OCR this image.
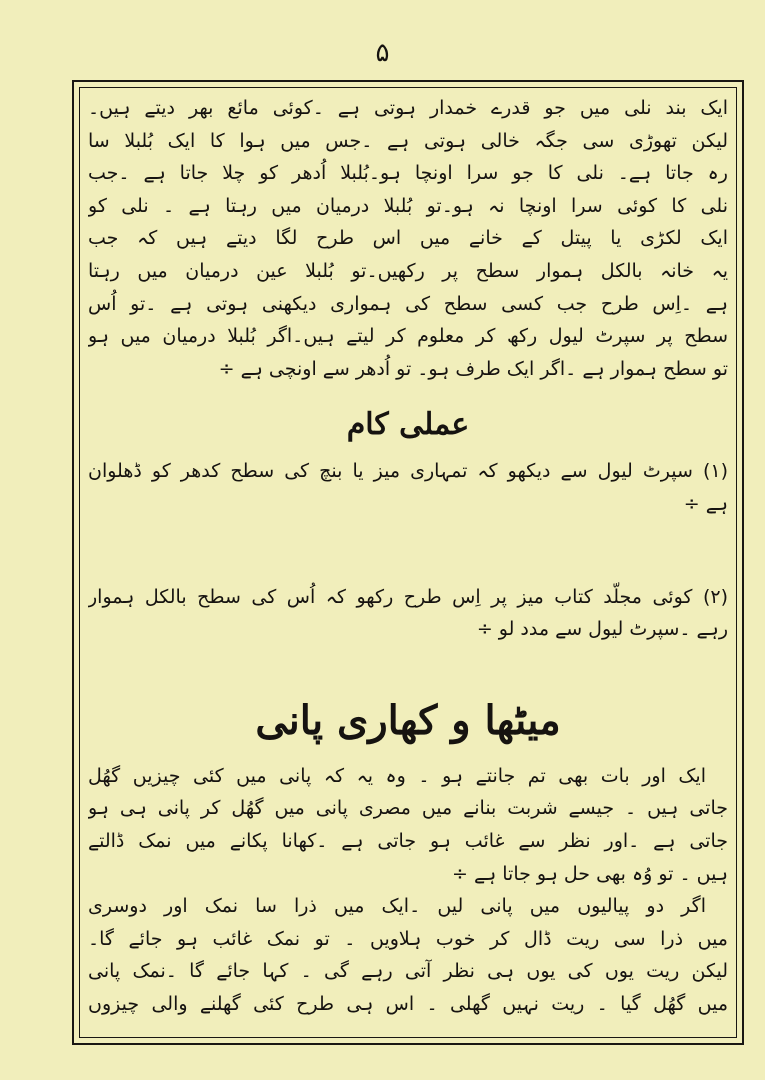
۵
ایک بند نلی میں جو قدرے خمدار ہوتی ہے ۔کوئی مائع بھر دیتے ہیں۔
لیکن تھوڑی سی جگہ خالی ہوتی ہے ۔جس میں ہوا کا ایک بُلبلا سا
رہ جاتا ہے۔ نلی کا جو سرا اونچا ہو۔بُلبلا اُدھر کو چلا جاتا ہے ۔جب
نلی کا کوئی سرا اونچا نہ ہو۔تو بُلبلا درمیان میں رہتا ہے ۔ نلی کو
ایک لکڑی یا پیتل کے خانے میں اس طرح لگا دیتے ہیں کہ جب
یہ خانہ بالکل ہموار سطح پر رکھیں۔تو بُلبلا عین درمیان میں رہتا
ہے ۔اِس طرح جب کسی سطح کی ہمواری دیکھنی ہوتی ہے ۔تو اُس
سطح پر سپرٹ لیول رکھ کر معلوم کر لیتے ہیں۔اگر بُلبلا درمیان میں ہو
تو سطح ہموار ہے ۔اگر ایک طرف ہو۔ تو اُدھر سے اونچی ہے ÷
عملی کام
(۱) سپرٹ لیول سے دیکھو کہ تمہاری میز یا بنچ کی سطح کدھر کو ڈھلوان
ہے ÷
(۲) کوئی مجلّد کتاب میز پر اِس طرح رکھو کہ اُس کی سطح بالکل ہموار
رہے ۔سپرٹ لیول سے مدد لو ÷
میٹھا و کھاری پانی
ایک اور بات بھی تم جانتے ہو ۔ وہ یہ کہ پانی میں کئی چیزیں گھُل
جاتی ہیں ۔ جیسے شربت بنانے میں مصری پانی میں گھُل کر پانی ہی ہو
جاتی ہے ۔اور نظر سے غائب ہو جاتی ہے ۔کھانا پکانے میں نمک ڈالتے
ہیں ۔ تو وُہ بھی حل ہو جاتا ہے ÷
اگر دو پیالیوں میں پانی لیں ۔ایک میں ذرا سا نمک اور دوسری
میں ذرا سی ریت ڈال کر خوب ہلاویں ۔ تو نمک غائب ہو جائے گا۔
لیکن ریت یوں کی یوں ہی نظر آتی رہے گی ۔ کہا جائے گا ۔نمک پانی
میں گھُل گیا ۔ ریت نہیں گھلی ۔ اس ہی طرح کئی گھلنے والی چیزوں
